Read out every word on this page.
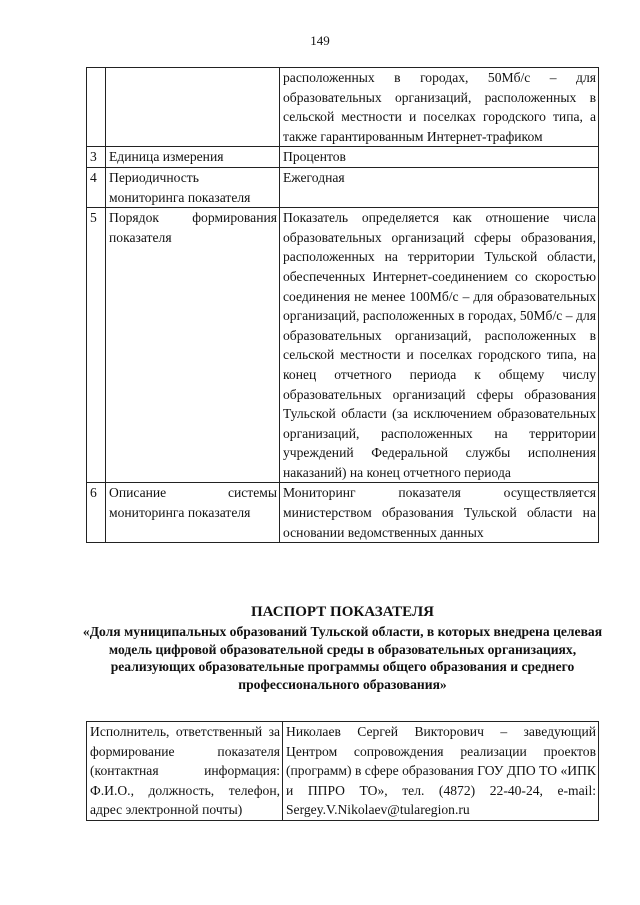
149
		расположенных в городах, 50Мб/с – для образовательных организаций, расположенных в сельской местности и поселках городского типа, а также гарантированным Интернет-трафиком
3	Единица измерения	Процентов
4	Периодичность мониторинга показателя	Ежегодная
5	Порядок формирования показателя	Показатель определяется как отношение числа образовательных организаций сферы образования, расположенных на территории Тульской области, обеспеченных Интернет-соединением со скоростью соединения не менее 100Мб/с – для образовательных организаций, расположенных в городах, 50Мб/с – для образовательных организаций, расположенных в сельской местности и поселках городского типа, на конец отчетного периода к общему числу образовательных организаций сферы образования Тульской области (за исключением образовательных организаций, расположенных на территории учреждений Федеральной службы исполнения наказаний) на конец отчетного периода
6	Описание системы мониторинга показателя	Мониторинг показателя осуществляется министерством образования Тульской области на основании ведомственных данных
ПАСПОРТ ПОКАЗАТЕЛЯ
«Доля муниципальных образований Тульской области, в которых внедрена целевая модель цифровой образовательной среды в образовательных организациях, реализующих образовательные программы общего образования и среднего профессионального образования»
Исполнитель, ответственный за формирование показателя (контактная информация: Ф.И.О., должность, телефон, адрес электронной почты)	Николаев Сергей Викторович – заведующий Центром сопровождения реализации проектов (программ) в сфере образования ГОУ ДПО ТО «ИПК и ППРО ТО», тел. (4872) 22-40-24, e-mail: Sergey.V.Nikolaev@tularegion.ru
